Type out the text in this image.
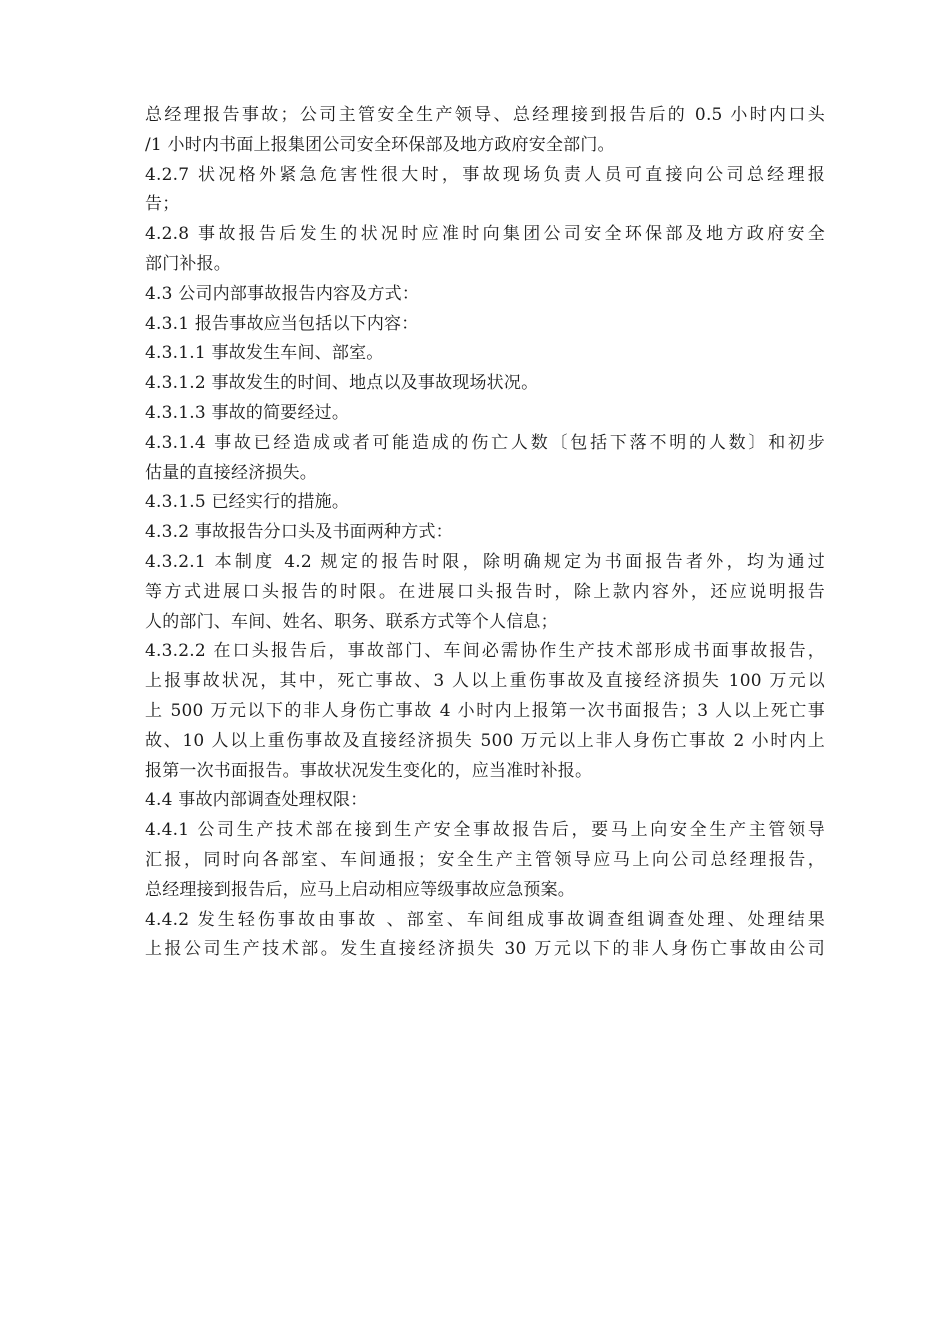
总经理报告事故；公司主管安全生产领导、总经理接到报告后的 0.5 小时内口头
/1 小时内书面上报集团公司安全环保部及地方政府安全部门。
4.2.7 状况格外紧急危害性很大时，事故现场负责人员可直接向公司总经理报
告；
4.2.8 事故报告后发生的状况时应准时向集团公司安全环保部及地方政府安全
部门补报。
4.3 公司内部事故报告内容及方式：
4.3.1 报告事故应当包括以下内容：
4.3.1.1 事故发生车间、部室。
4.3.1.2 事故发生的时间、地点以及事故现场状况。
4.3.1.3 事故的简要经过。
4.3.1.4 事故已经造成或者可能造成的伤亡人数〔包括下落不明的人数〕和初步
估量的直接经济损失。
4.3.1.5 已经实行的措施。
4.3.2 事故报告分口头及书面两种方式：
4.3.2.1 本制度 4.2 规定的报告时限，除明确规定为书面报告者外，均为通过
等方式进展口头报告的时限。在进展口头报告时，除上款内容外，还应说明报告
人的部门、车间、姓名、职务、联系方式等个人信息；
4.3.2.2 在口头报告后，事故部门、车间必需协作生产技术部形成书面事故报告，
上报事故状况，其中，死亡事故、3 人以上重伤事故及直接经济损失 100 万元以
上 500 万元以下的非人身伤亡事故 4 小时内上报第一次书面报告；3 人以上死亡事
故、10 人以上重伤事故及直接经济损失 500 万元以上非人身伤亡事故 2 小时内上
报第一次书面报告。事故状况发生变化的，应当准时补报。
4.4 事故内部调查处理权限：
4.4.1 公司生产技术部在接到生产安全事故报告后，要马上向安全生产主管领导
汇报，同时向各部室、车间通报；安全生产主管领导应马上向公司总经理报告，
总经理接到报告后，应马上启动相应等级事故应急预案。
4.4.2 发生轻伤事故由事故 、部室、车间组成事故调查组调查处理、处理结果
上报公司生产技术部。发生直接经济损失 30 万元以下的非人身伤亡事故由公司
